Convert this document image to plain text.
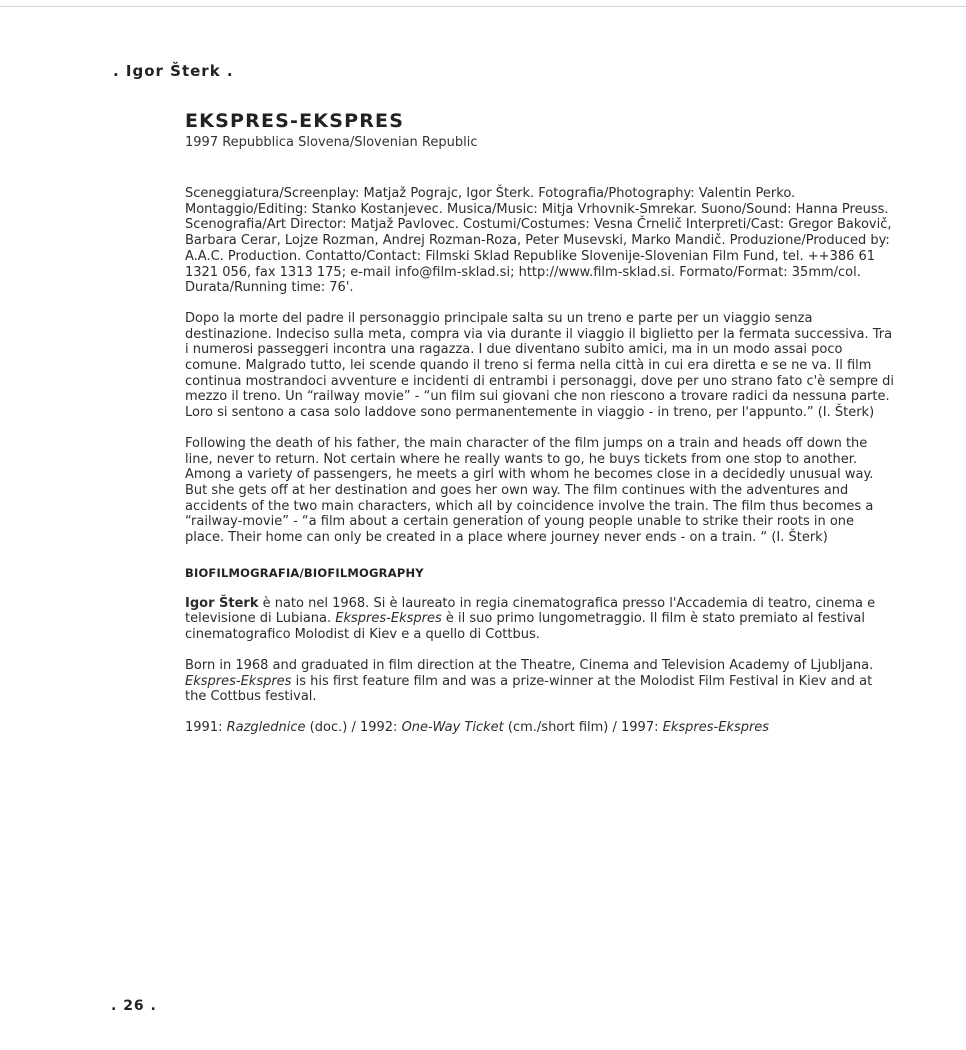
. Igor Šterk .
EKSPRES-EKSPRES

1997 Repubblica Slovena/Slovenian Republic

Sceneggiatura/Screenplay: Matjaž Pograjc, Igor Šterk. Fotografia/Photography: Valentin Perko. Montaggio/Editing: Stanko Kostanjevec. Musica/Music: Mitja Vrhovnik-Smrekar. Suono/Sound: Hanna Preuss. Scenografia/Art Director: Matjaž Pavlovec. Costumi/Costumes: Vesna Črnelič Interpreti/Cast: Gregor Bakovič, Barbara Cerar, Lojze Rozman, Andrej Rozman-Roza, Peter Musevski, Marko Mandič. Produzione/Produced by: A.A.C. Production. Contatto/Contact: Filmski Sklad Republike Slovenije-Slovenian Film Fund, tel. ++386 61 1321 056, fax 1313 175; e-mail info@film-sklad.si; http://www.film-sklad.si. Formato/Format: 35mm/col. Durata/Running time: 76'.

Dopo la morte del padre il personaggio principale salta su un treno e parte per un viaggio senza destinazione. Indeciso sulla meta, compra via via durante il viaggio il biglietto per la fermata successiva. Tra i numerosi passeggeri incontra una ragazza. I due diventano subito amici, ma in un modo assai poco comune. Malgrado tutto, lei scende quando il treno si ferma nella città in cui era diretta e se ne va. Il film continua mostrandoci avventure e incidenti di entrambi i personaggi, dove per uno strano fato c'è sempre di mezzo il treno. Un “railway movie” - “un film sui giovani che non riescono a trovare radici da nessuna parte. Loro si sentono a casa solo laddove sono permanentemente in viaggio - in treno, per l'appunto.” (I. Šterk)

Following the death of his father, the main character of the film jumps on a train and heads off down the line, never to return. Not certain where he really wants to go, he buys tickets from one stop to another. Among a variety of passengers, he meets a girl with whom he becomes close in a decidedly unusual way. But she gets off at her destination and goes her own way. The film continues with the adventures and accidents of the two main characters, which all by coincidence involve the train. The film thus becomes a “railway-movie” - “a film about a certain generation of young people unable to strike their roots in one place. Their home can only be created in a place where journey never ends - on a train. “ (I. Šterk)

BIOFILMOGRAFIA/BIOFILMOGRAPHY

Igor Šterk è nato nel 1968. Si è laureato in regia cinematografica presso l'Accademia di teatro, cinema e televisione di Lubiana. Ekspres-Ekspres è il suo primo lungometraggio. Il film è stato premiato al festival cinematografico Molodist di Kiev e a quello di Cottbus.

Born in 1968 and graduated in film direction at the Theatre, Cinema and Television Academy of Ljubljana. Ekspres-Ekspres is his first feature film and was a prize-winner at the Molodist Film Festival in Kiev and at the Cottbus festival.

1991: Razglednice (doc.) / 1992: One-Way Ticket (cm./short film) / 1997: Ekspres-Ekspres

. 26 .
